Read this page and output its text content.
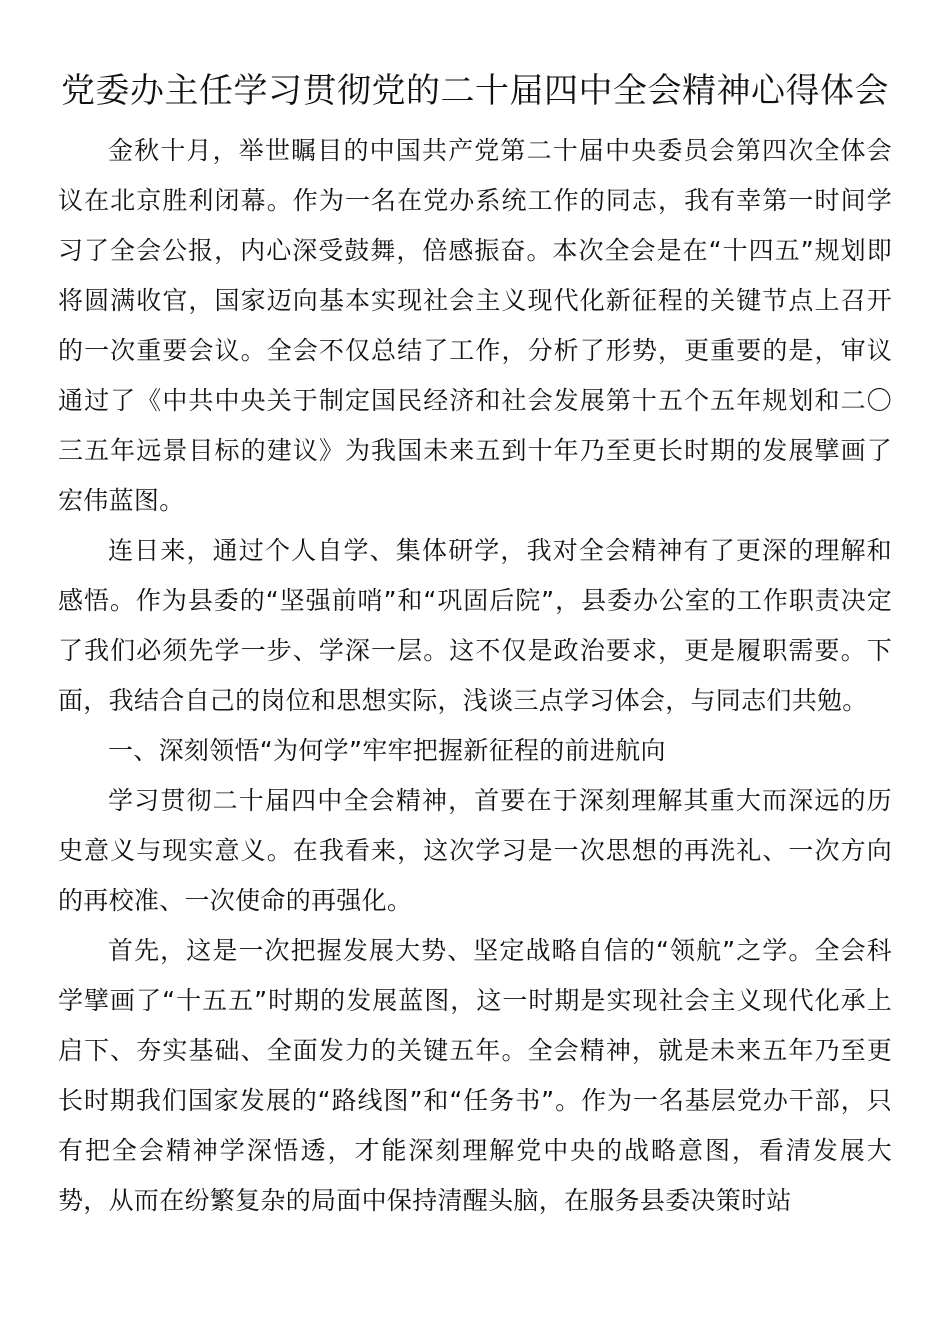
党委办主任学习贯彻党的二十届四中全会精神心得体会

金秋十月，举世瞩目的中国共产党第二十届中央委员会第四次全体会议在北京胜利闭幕。作为一名在党办系统工作的同志，我有幸第一时间学习了全会公报，内心深受鼓舞，倍感振奋。本次全会是在“十四五”规划即将圆满收官，国家迈向基本实现社会主义现代化新征程的关键节点上召开的一次重要会议。全会不仅总结了工作，分析了形势，更重要的是，审议通过了《中共中央关于制定国民经济和社会发展第十五个五年规划和二〇三五年远景目标的建议》为我国未来五到十年乃至更长时期的发展擘画了宏伟蓝图。

连日来，通过个人自学、集体研学，我对全会精神有了更深的理解和感悟。作为县委的“坚强前哨”和“巩固后院”，县委办公室的工作职责决定了我们必须先学一步、学深一层。这不仅是政治要求，更是履职需要。下面，我结合自己的岗位和思想实际，浅谈三点学习体会，与同志们共勉。

一、深刻领悟“为何学”牢牢把握新征程的前进航向

学习贯彻二十届四中全会精神，首要在于深刻理解其重大而深远的历史意义与现实意义。在我看来，这次学习是一次思想的再洗礼、一次方向的再校准、一次使命的再强化。

首先，这是一次把握发展大势、坚定战略自信的“领航”之学。全会科学擘画了“十五五”时期的发展蓝图，这一时期是实现社会主义现代化承上启下、夯实基础、全面发力的关键五年。全会精神，就是未来五年乃至更长时期我们国家发展的“路线图”和“任务书”。作为一名基层党办干部，只有把全会精神学深悟透，才能深刻理解党中央的战略意图，看清发展大势，从而在纷繁复杂的局面中保持清醒头脑，在服务县委决策时站
